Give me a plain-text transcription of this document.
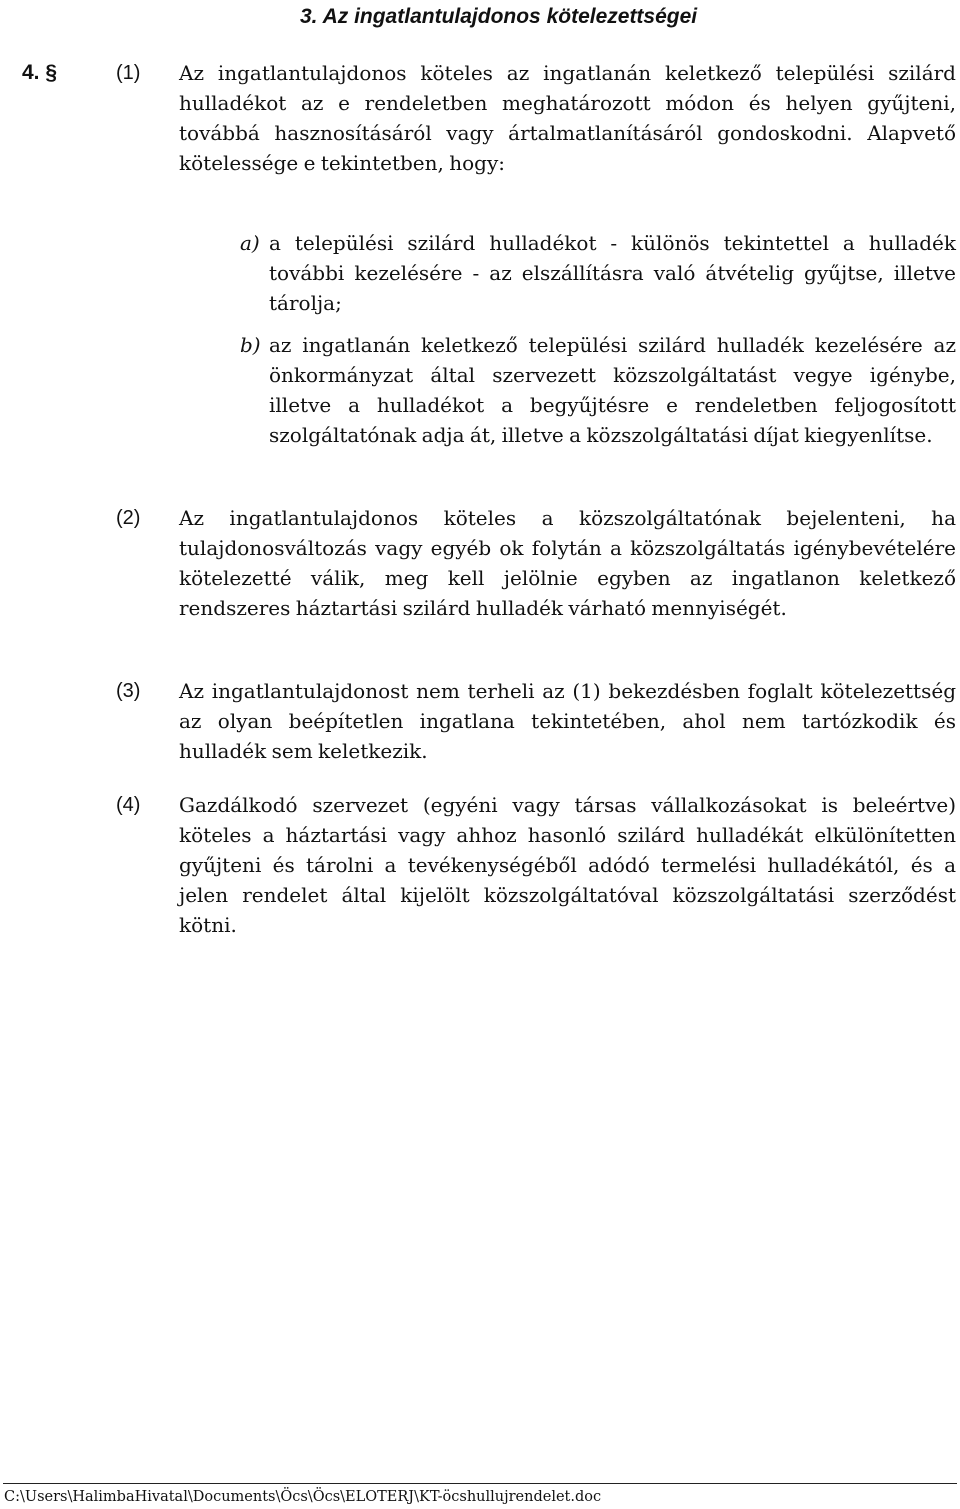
3. Az ingatlantulajdonos kötelezettségei
4. §	(1) Az ingatlantulajdonos köteles az ingatlanán keletkező települési szilárd hulladékot az e rendeletben meghatározott módon és helyen gyűjteni, továbbá hasznosításáról vagy ártalmatlanításáról gondoskodni. Alapvető kötelessége e tekintetben, hogy:
a) a települési szilárd hulladékot - különös tekintettel a hulladék további kezelésére - az elszállításra való átvételig gyűjtse, illetve tárolja;
b) az ingatlanán keletkező települési szilárd hulladék kezelésére az önkormányzat által szervezett közszolgáltatást vegye igénybe, illetve a hulladékot a begyűjtésre e rendeletben feljogosított szolgáltatónak adja át, illetve a közszolgáltatási díjat kiegyenlítse.
(2) Az ingatlantulajdonos köteles a közszolgáltatónak bejelenteni, ha tulajdonosváltozás vagy egyéb ok folytán a közszolgáltatás igénybevételére kötelezetté válik, meg kell jelölnie egyben az ingatlanon keletkező rendszeres háztartási szilárd hulladék várható mennyiségét.
(3) Az ingatlantulajdonost nem terheli az (1) bekezdésben foglalt kötelezettség az olyan beépítetlen ingatlana tekintetében, ahol nem tartózkodik és hulladék sem keletkezik.
(4) Gazdálkodó szervezet (egyéni vagy társas vállalkozásokat is beleértve) köteles a háztartási vagy ahhoz hasonló szilárd hulladékát elkülönítetten gyűjteni és tárolni a tevékenységéből adódó termelési hulladékától, és a jelen rendelet által kijelölt közszolgáltatóval közszolgáltatási szerződést kötni.
C:\Users\HalimbaHivatal\Documents\Öcs\Öcs\ELOTERJ\KT-öcshullujrendelet.doc
